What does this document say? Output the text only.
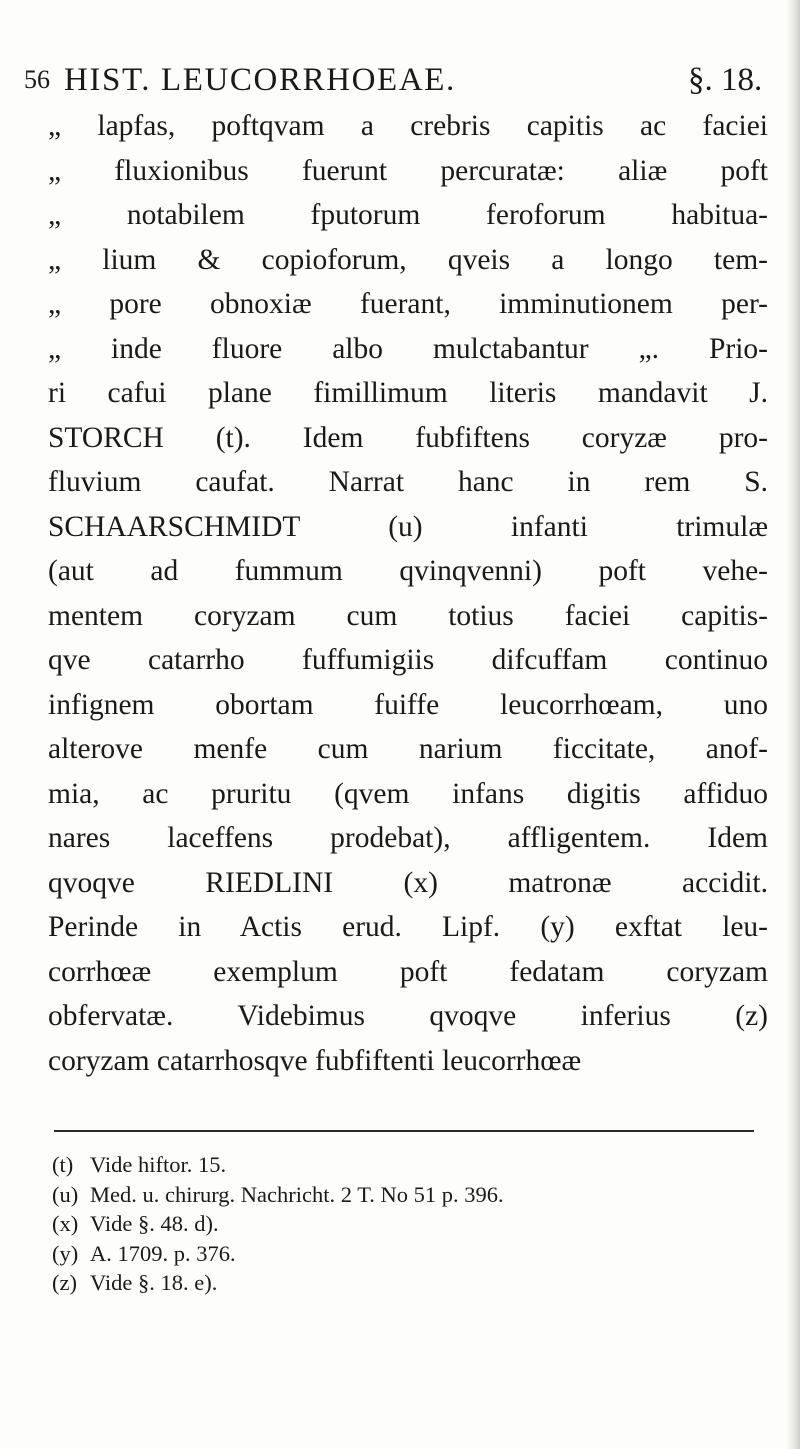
56 HIST. LEUCORRHOEAE.	§. 18.
„ lapfas, poftqvam a crebris capitis ac faciei
„ fluxionibus fuerunt percuratæ: aliæ poft
„ notabilem fputorum feroforum habitua-
„ lium & copioforum, qveis a longo tem-
„ pore obnoxiæ fuerant, imminutionem per-
„ inde fluore albo mulctabantur „. Prio-
ri cafui plane fimillimum literis mandavit J.
STORCH (t). Idem fubfiftens coryzæ pro-
fluvium caufat. Narrat hanc in rem S.
SCHAARSCHMIDT (u) infanti trimulæ
(aut ad fummum qvinqvenni) poft vehe-
mentem coryzam cum totius faciei capitis-
qve catarrho fuffumigiis difcuffam continuo
infignem obortam fuiffe leucorrhœam, uno
alterove menfe cum narium ficcitate, anof-
mia, ac pruritu (qvem infans digitis affiduo
nares laceffens prodebat), affligentem. Idem
qvoqve RIEDLINI (x) matronæ accidit.
Perinde in Actis erud. Lipf. (y) exftat leu-
corrhœæ exemplum poft fedatam coryzam
obfervatæ. Videbimus qvoqve inferius (z)
coryzam catarrhosqve fubfiftenti leucorrhœæ
(t) Vide hiftor. 15.
(u) Med. u. chirurg. Nachricht. 2 T. No 51 p. 396.
(x) Vide §. 48. d).
(y) A. 1709. p. 376.
(z) Vide §. 18. e).
